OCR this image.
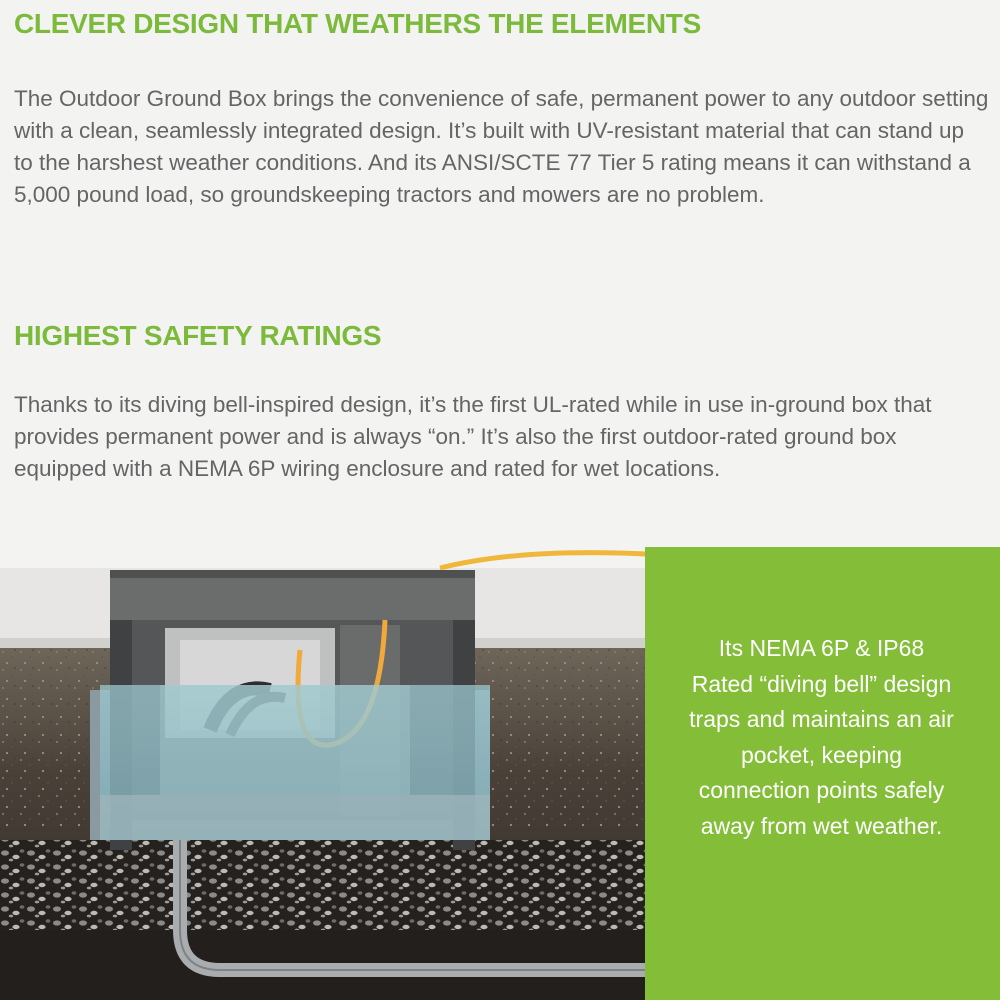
CLEVER DESIGN THAT WEATHERS THE ELEMENTS

The Outdoor Ground Box brings the convenience of safe, permanent power to any outdoor setting with a clean, seamlessly integrated design. It’s built with UV-resistant material that can stand up to the harshest weather conditions. And its ANSI/SCTE 77 Tier 5 rating means it can withstand a 5,000 pound load, so groundskeeping tractors and mowers are no problem.

HIGHEST SAFETY RATINGS

Thanks to its diving bell-inspired design, it’s the first UL-rated while in use in-ground box that provides permanent power and is always “on.” It’s also the first outdoor-rated ground box equipped with a NEMA 6P wiring enclosure and rated for wet locations.

Its NEMA 6P & IP68 Rated “diving bell” design traps and maintains an air pocket, keeping connection points safely away from wet weather.
